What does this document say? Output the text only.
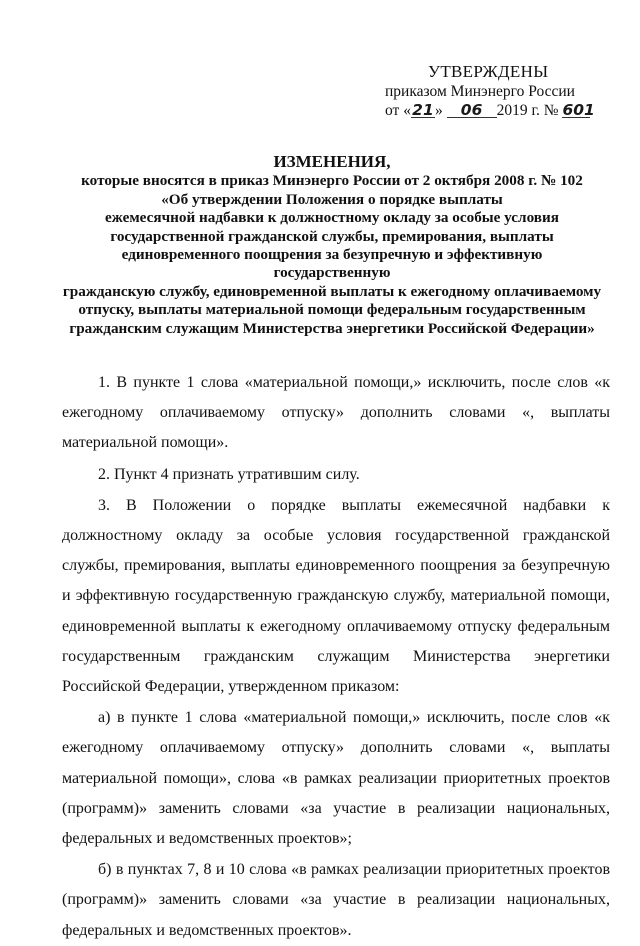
УТВЕРЖДЕНЫ
приказом Минэнерго России
от «21» 06 2019 г. № 601
ИЗМЕНЕНИЯ,
которые вносятся в приказ Минэнерго России от 2 октября 2008 г. № 102
«Об утверждении Положения о порядке выплаты
ежемесячной надбавки к должностному окладу за особые условия
государственной гражданской службы, премирования, выплаты
единовременного поощрения за безупречную и эффективную государственную
гражданскую службу, единовременной выплаты к ежегодному оплачиваемому
отпуску, выплаты материальной помощи федеральным государственным
гражданским служащим Министерства энергетики Российской Федерации»

1. В пункте 1 слова «материальной помощи,» исключить, после слов «к ежегодному оплачиваемому отпуску» дополнить словами «, выплаты материальной помощи».

2. Пункт 4 признать утратившим силу.

3. В Положении о порядке выплаты ежемесячной надбавки к должностному окладу за особые условия государственной гражданской службы, премирования, выплаты единовременного поощрения за безупречную и эффективную государственную гражданскую службу, материальной помощи, единовременной выплаты к ежегодному оплачиваемому отпуску федеральным государственным гражданским служащим Министерства энергетики Российской Федерации, утвержденном приказом:

а) в пункте 1 слова «материальной помощи,» исключить, после слов «к ежегодному оплачиваемому отпуску» дополнить словами «, выплаты материальной помощи», слова «в рамках реализации приоритетных проектов (программ)» заменить словами «за участие в реализации национальных, федеральных и ведомственных проектов»;

б) в пунктах 7, 8 и 10 слова «в рамках реализации приоритетных проектов (программ)» заменить словами «за участие в реализации национальных, федеральных и ведомственных проектов».
